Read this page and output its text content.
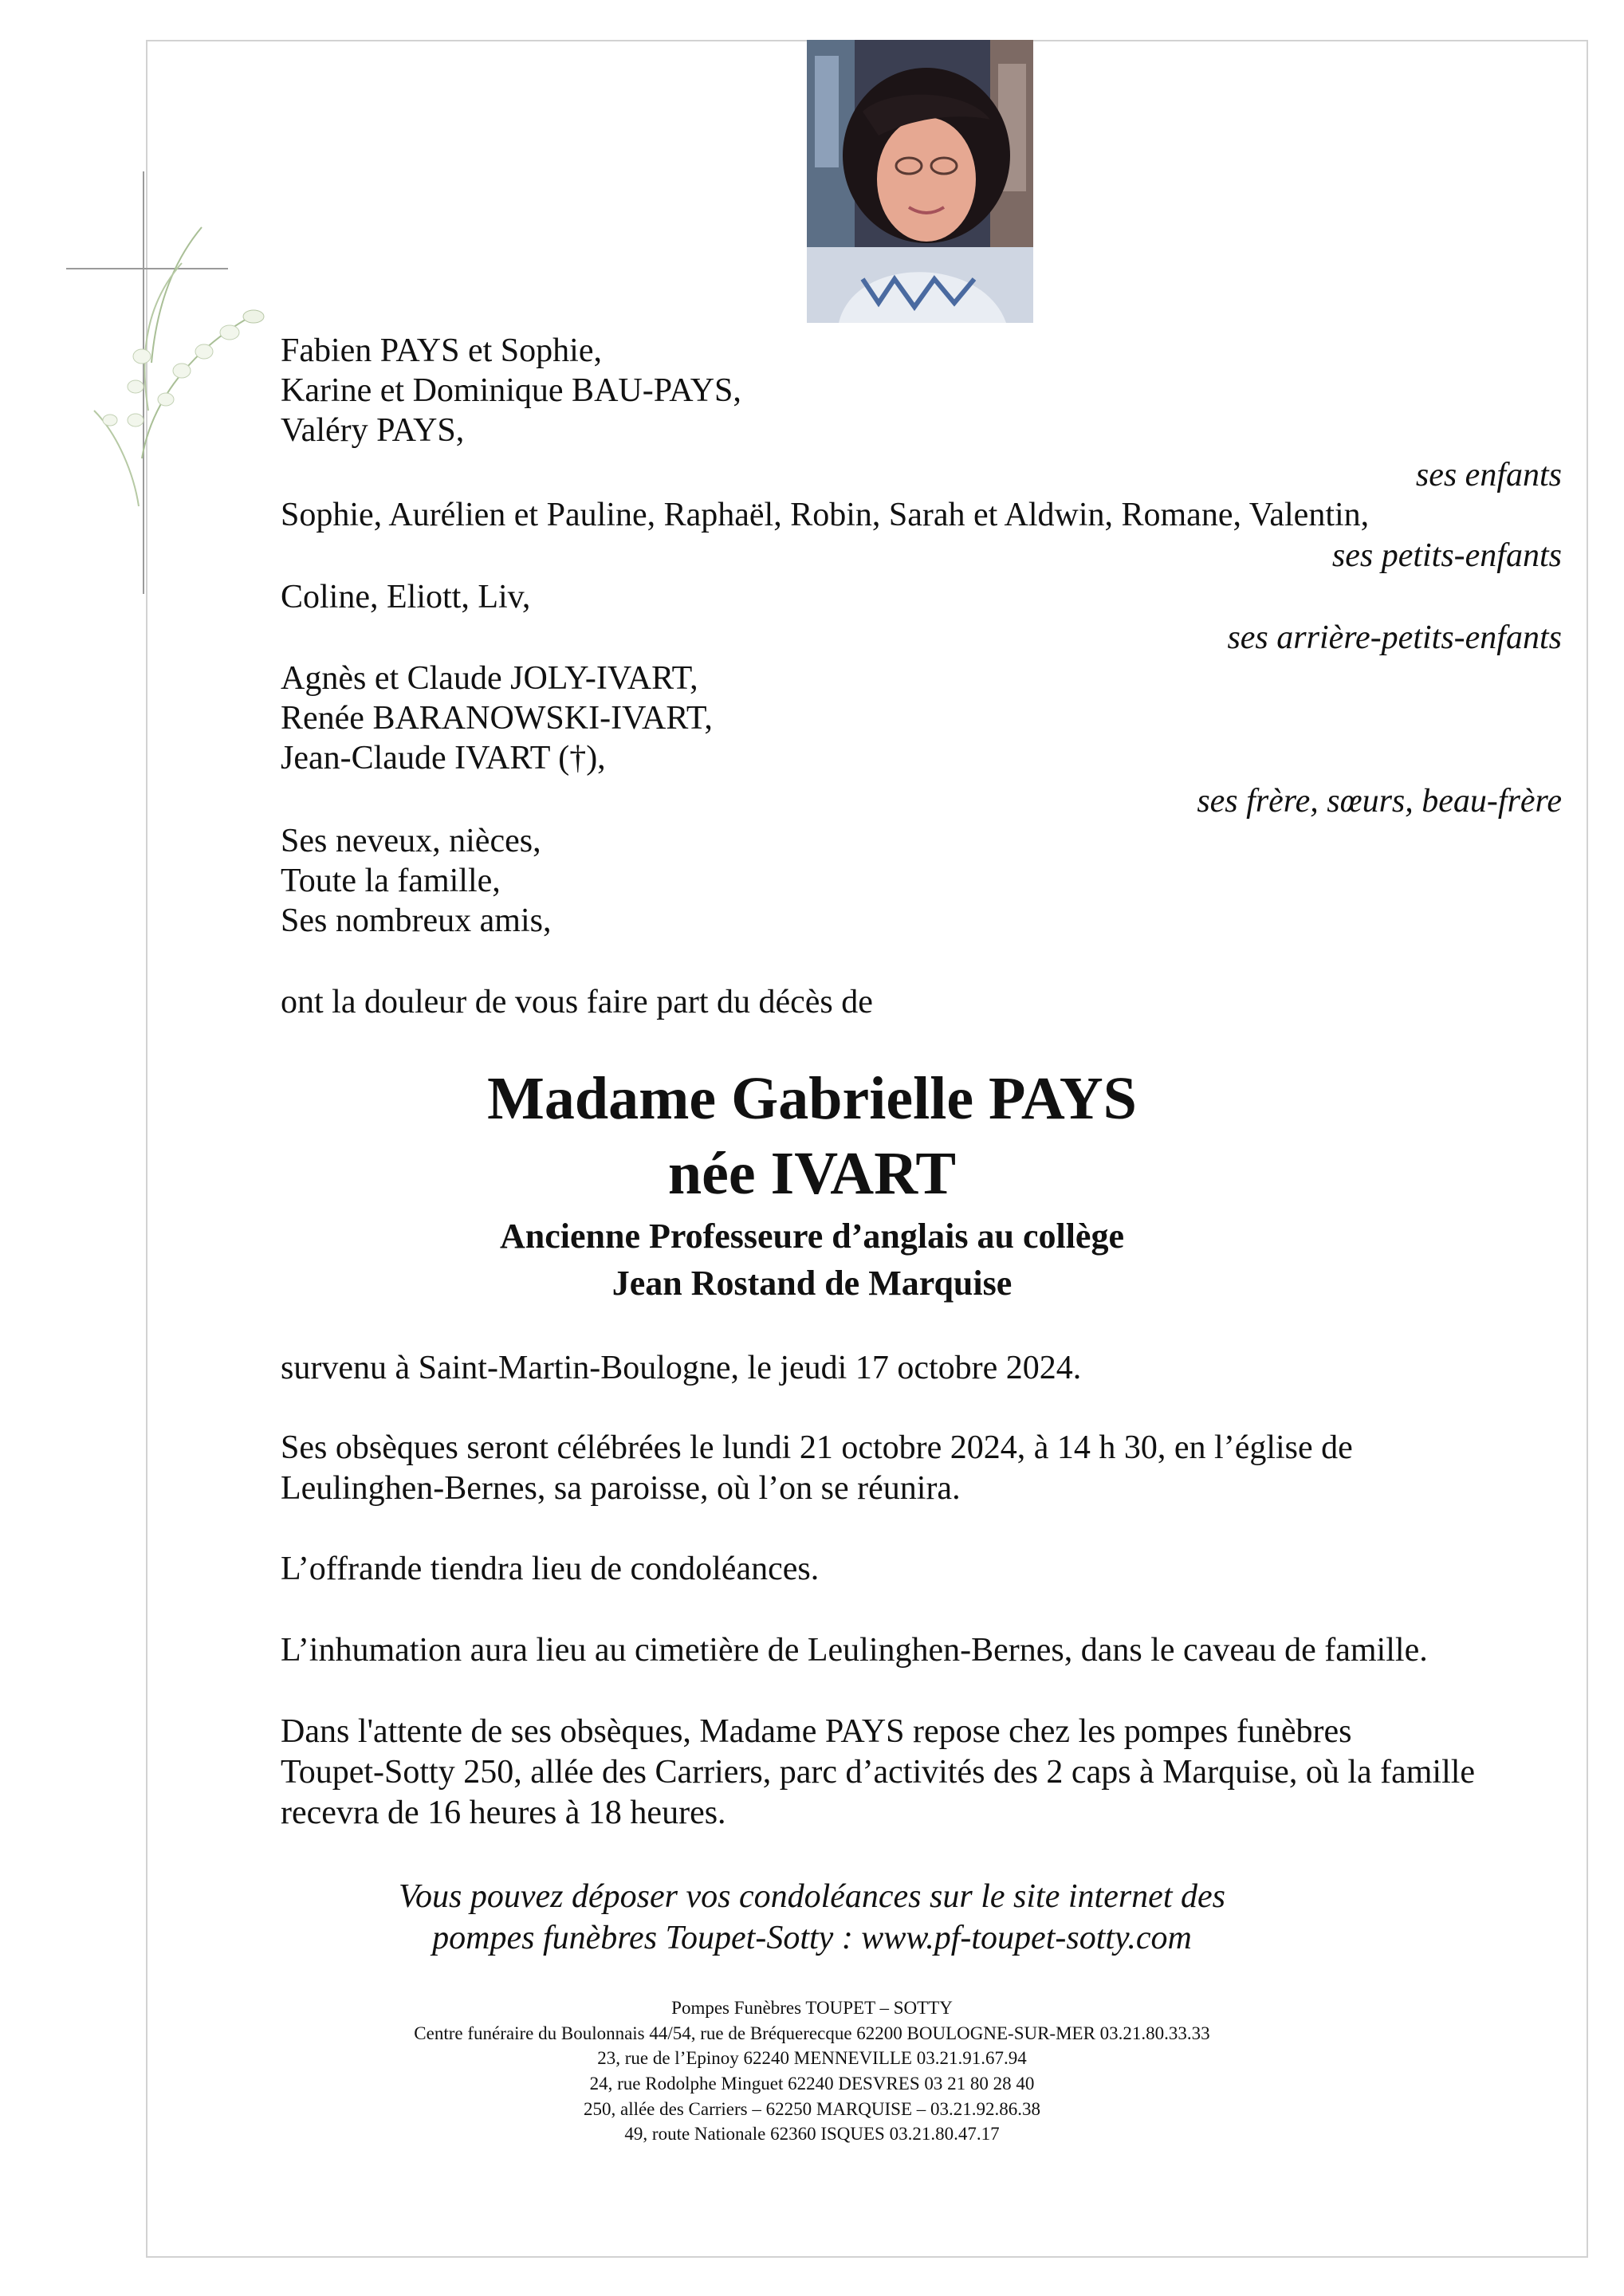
Fabien PAYS et Sophie,

Karine et Dominique BAU-PAYS,

Valéry PAYS,

ses enfants

Sophie, Aurélien et Pauline, Raphaël, Robin, Sarah et Aldwin, Romane, Valentin,

ses petits-enfants

Coline, Eliott, Liv,

ses arrière-petits-enfants

Agnès et Claude JOLY-IVART,

Renée BARANOWSKI-IVART,

Jean-Claude IVART (†),

ses frère, sœurs, beau-frère

Ses neveux, nièces,

Toute la famille,

Ses nombreux amis,

ont la douleur de vous faire part du décès de

Madame Gabrielle PAYS

née IVART

Ancienne Professeure d’anglais au collège

Jean Rostand de Marquise

survenu à Saint-Martin-Boulogne, le jeudi 17 octobre 2024.

Ses obsèques seront célébrées le lundi 21 octobre 2024, à 14 h 30, en l’église de

Leulinghen-Bernes, sa paroisse, où l’on se réunira.

L’offrande tiendra lieu de condoléances.

L’inhumation aura lieu au cimetière de Leulinghen-Bernes, dans le caveau de famille.

Dans l'attente de ses obsèques, Madame PAYS repose chez les pompes funèbres

Toupet-Sotty 250, allée des Carriers, parc d’activités des 2 caps à Marquise, où la famille

recevra de 16 heures à 18 heures.

Vous pouvez déposer vos condoléances sur le site internet des

pompes funèbres Toupet-Sotty : www.pf-toupet-sotty.com

Pompes Funèbres TOUPET – SOTTY

Centre funéraire du Boulonnais 44/54, rue de Bréquerecque 62200 BOULOGNE-SUR-MER 03.21.80.33.33

23, rue de l’Epinoy 62240 MENNEVILLE 03.21.91.67.94

24, rue Rodolphe Minguet 62240 DESVRES 03 21 80 28 40

250, allée des Carriers – 62250 MARQUISE – 03.21.92.86.38

49, route Nationale 62360 ISQUES 03.21.80.47.17
